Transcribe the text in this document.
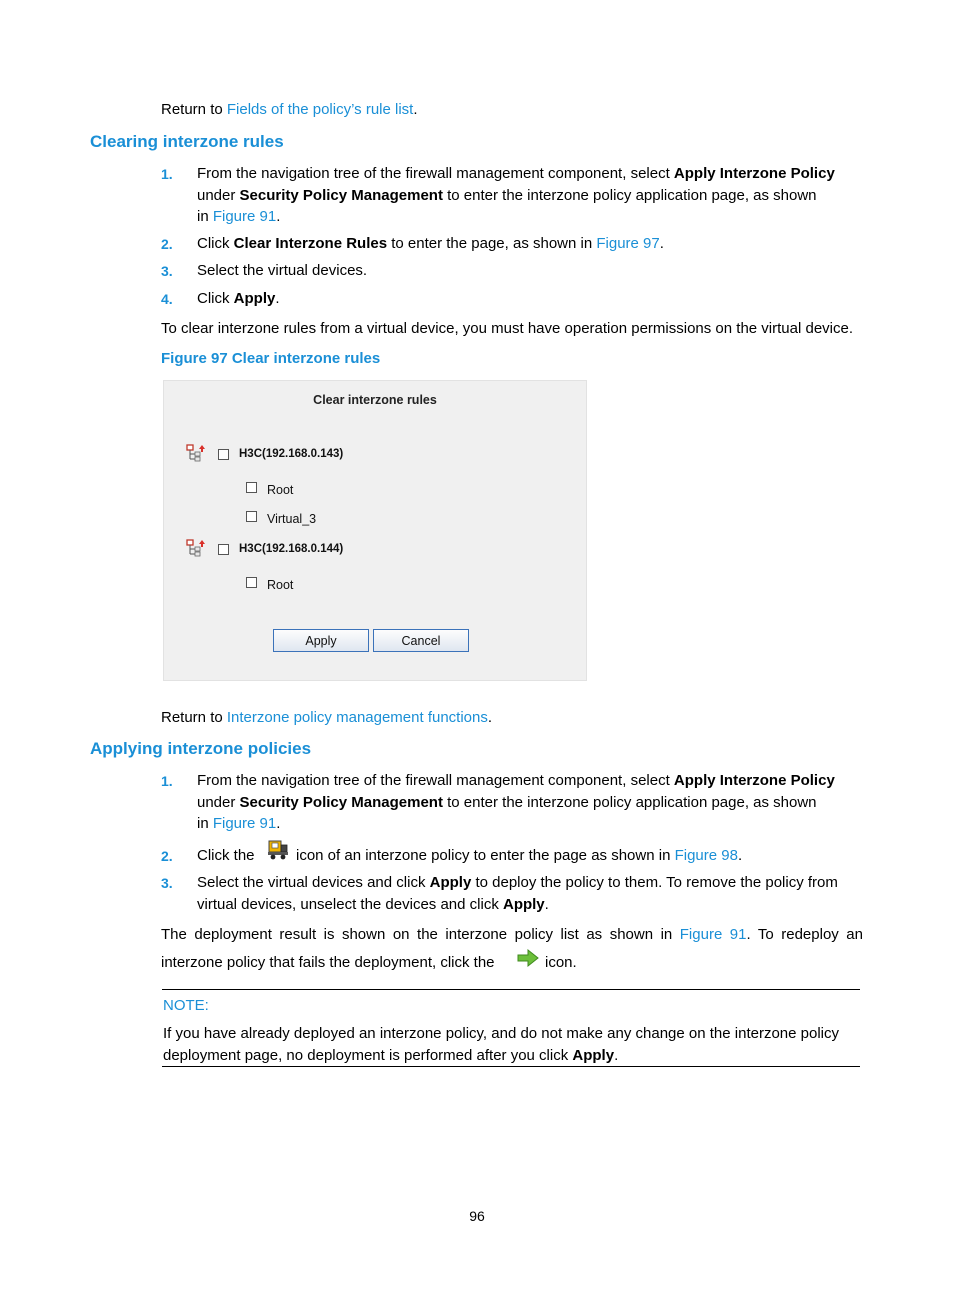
Return to Fields of the policy’s rule list.
Clearing interzone rules
1. From the navigation tree of the firewall management component, select Apply Interzone Policy
under Security Policy Management to enter the interzone policy application page, as shown
in Figure 91.
2. Click Clear Interzone Rules to enter the page, as shown in Figure 97.
3. Select the virtual devices.
4. Click Apply.
To clear interzone rules from a virtual device, you must have operation permissions on the virtual device.
Figure 97 Clear interzone rules
Clear interzone rules
H3C(192.168.0.143)
Root
Virtual_3
H3C(192.168.0.144)
Root
Apply	Cancel
Return to Interzone policy management functions.
Applying interzone policies
1. From the navigation tree of the firewall management component, select Apply Interzone Policy
under Security Policy Management to enter the interzone policy application page, as shown
in Figure 91.
2. Click the	icon of an interzone policy to enter the page as shown in Figure 98.
3. Select the virtual devices and click Apply to deploy the policy to them. To remove the policy from
virtual devices, unselect the devices and click Apply.
The deployment result is shown on the interzone policy list as shown in Figure 91. To redeploy an
interzone policy that fails the deployment, click the	icon.
NOTE:
If you have already deployed an interzone policy, and do not make any change on the interzone policy
deployment page, no deployment is performed after you click Apply.
96
